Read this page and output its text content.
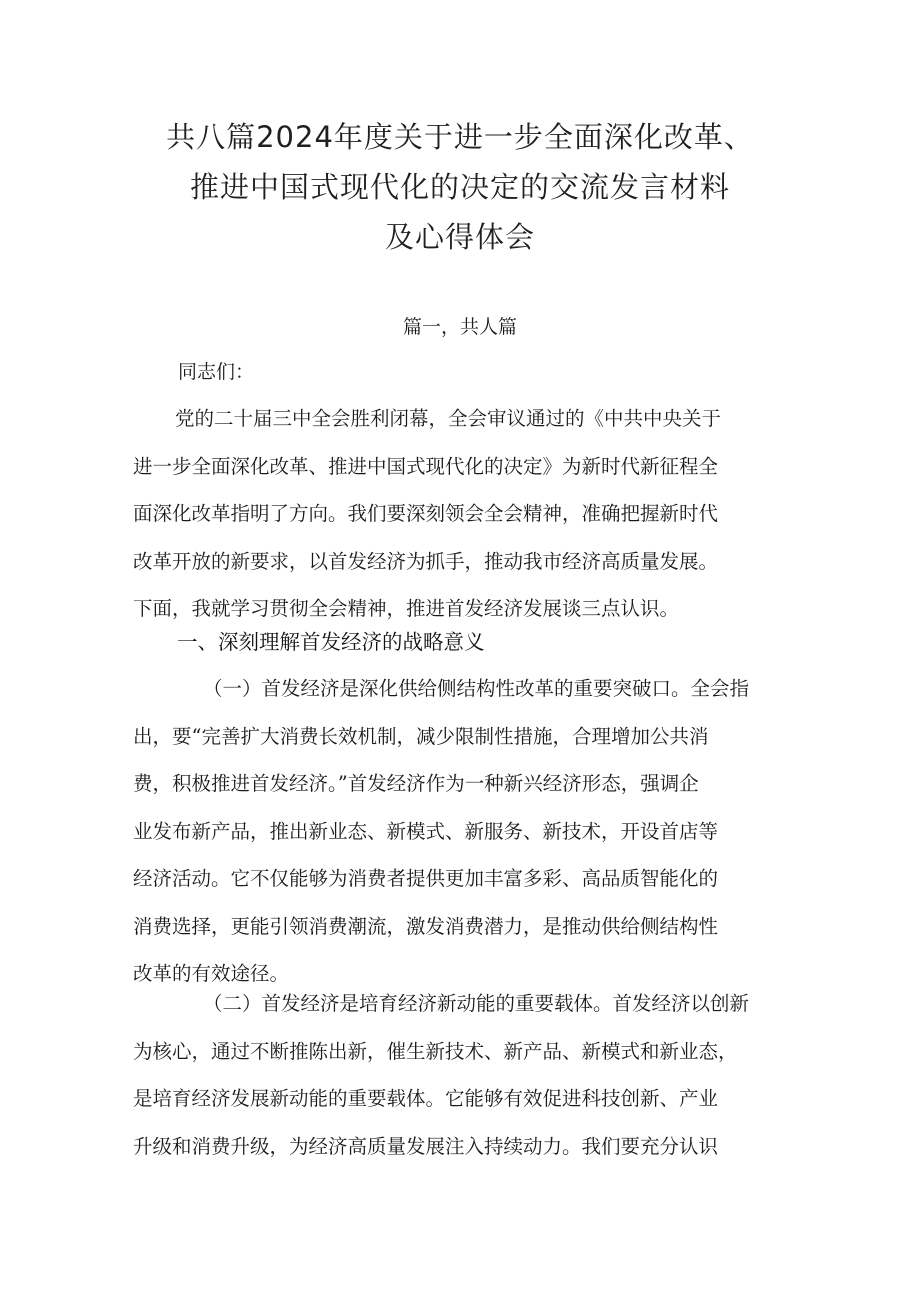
共八篇2024年度关于进一步全面深化改革、
推进中国式现代化的决定的交流发言材料
及心得体会
篇一，共人篇
同志们：
党的二十届三中全会胜利闭幕，全会审议通过的《中共中央关于
进一步全面深化改革、推进中国式现代化的决定》为新时代新征程全
面深化改革指明了方向。我们要深刻领会全会精神，准确把握新时代
改革开放的新要求，以首发经济为抓手，推动我市经济高质量发展。
下面，我就学习贯彻全会精神，推进首发经济发展谈三点认识。
一、深刻理解首发经济的战略意义
（一）首发经济是深化供给侧结构性改革的重要突破口。全会指
出，要“完善扩大消费长效机制，减少限制性措施，合理增加公共消
费，积极推进首发经济。”首发经济作为一种新兴经济形态，强调企
业发布新产品，推出新业态、新模式、新服务、新技术，开设首店等
经济活动。它不仅能够为消费者提供更加丰富多彩、高品质智能化的
消费选择，更能引领消费潮流，激发消费潜力，是推动供给侧结构性
改革的有效途径。
（二）首发经济是培育经济新动能的重要载体。首发经济以创新
为核心，通过不断推陈出新，催生新技术、新产品、新模式和新业态，
是培育经济发展新动能的重要载体。它能够有效促进科技创新、产业
升级和消费升级，为经济高质量发展注入持续动力。我们要充分认识
